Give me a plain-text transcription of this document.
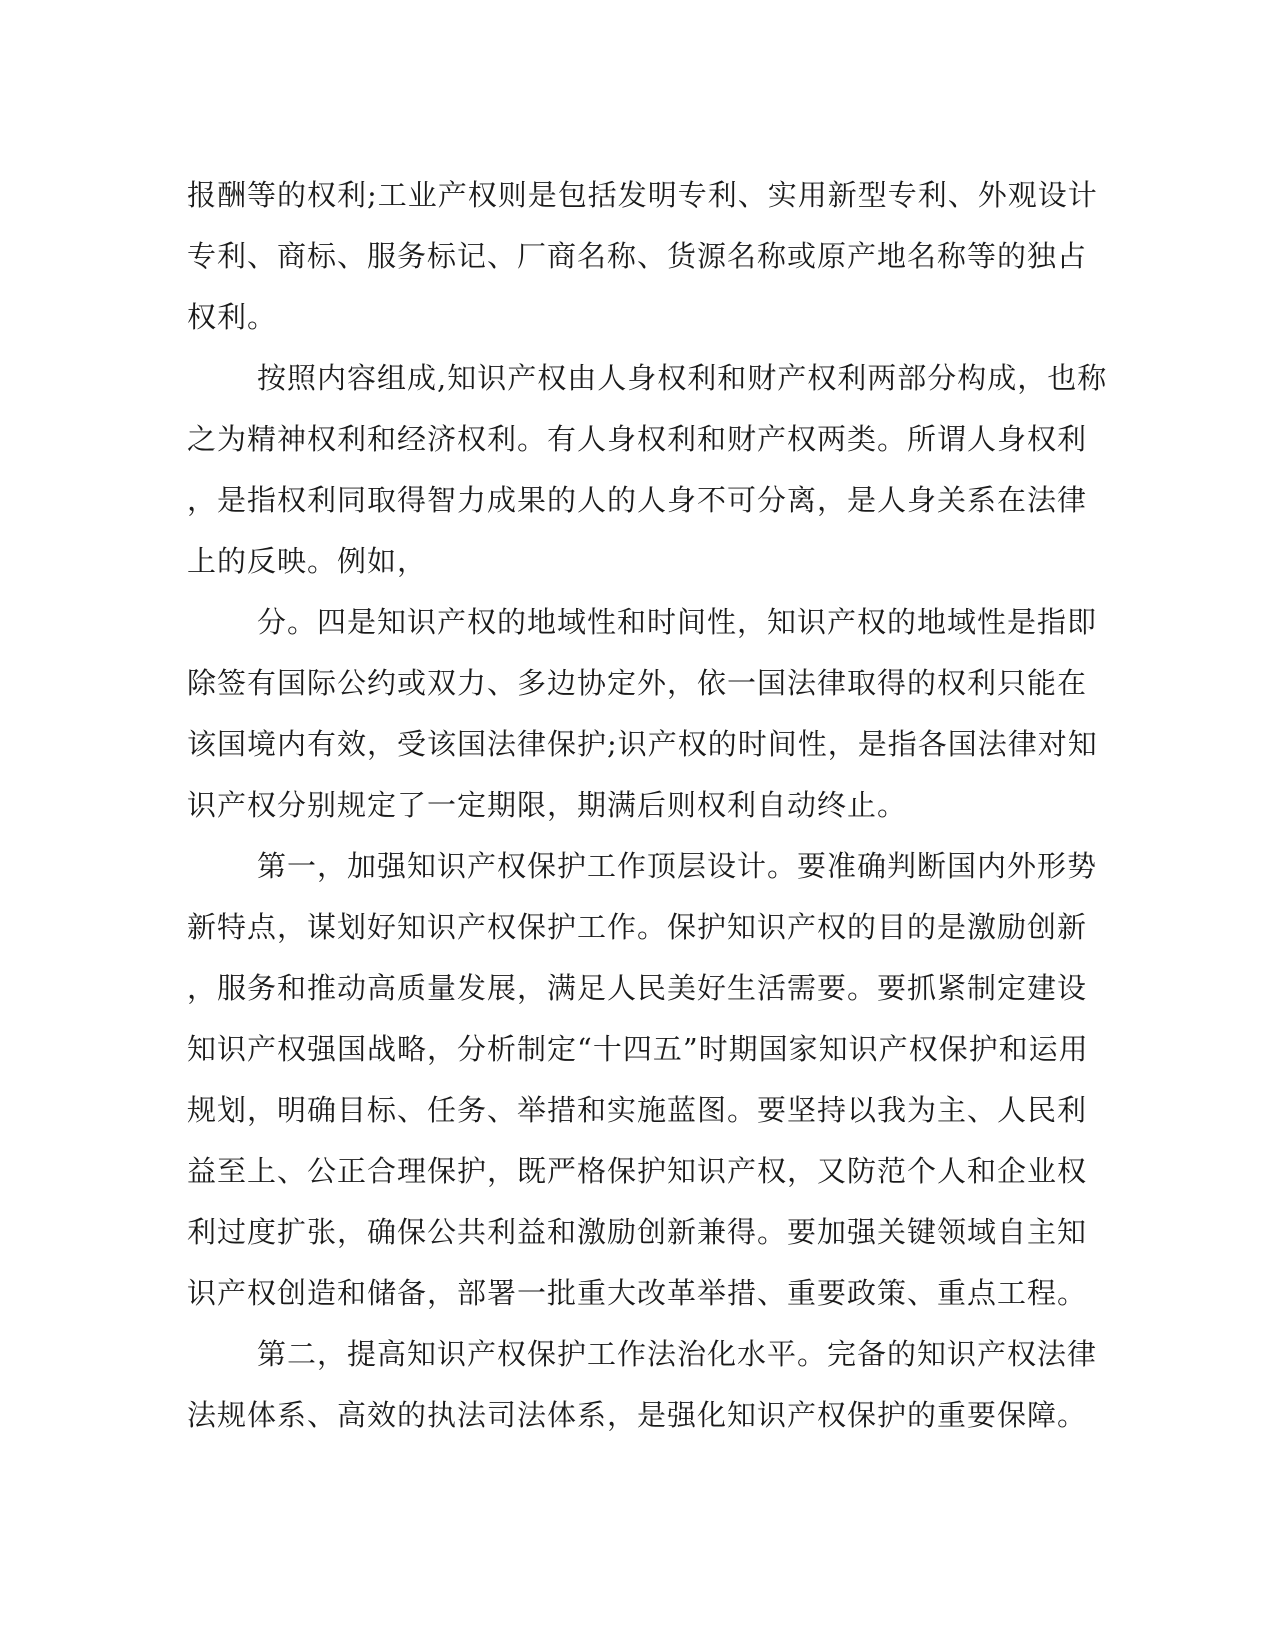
报酬等的权利;工业产权则是包括发明专利、实用新型专利、外观设计
专利、商标、服务标记、厂商名称、货源名称或原产地名称等的独占
权利。
按照内容组成,知识产权由人身权利和财产权利两部分构成，也称
之为精神权利和经济权利。有人身权利和财产权两类。所谓人身权利
，是指权利同取得智力成果的人的人身不可分离，是人身关系在法律
上的反映。例如，
分。四是知识产权的地域性和时间性，知识产权的地域性是指即
除签有国际公约或双力、多边协定外，依一国法律取得的权利只能在
该国境内有效，受该国法律保护;识产权的时间性，是指各国法律对知
识产权分别规定了一定期限，期满后则权利自动终止。
第一，加强知识产权保护工作顶层设计。要准确判断国内外形势
新特点，谋划好知识产权保护工作。保护知识产权的目的是激励创新
，服务和推动高质量发展，满足人民美好生活需要。要抓紧制定建设
知识产权强国战略，分析制定“十四五”时期国家知识产权保护和运用
规划，明确目标、任务、举措和实施蓝图。要坚持以我为主、人民利
益至上、公正合理保护，既严格保护知识产权，又防范个人和企业权
利过度扩张，确保公共利益和激励创新兼得。要加强关键领域自主知
识产权创造和储备，部署一批重大改革举措、重要政策、重点工程。
第二，提高知识产权保护工作法治化水平。完备的知识产权法律
法规体系、高效的执法司法体系，是强化知识产权保护的重要保障。
